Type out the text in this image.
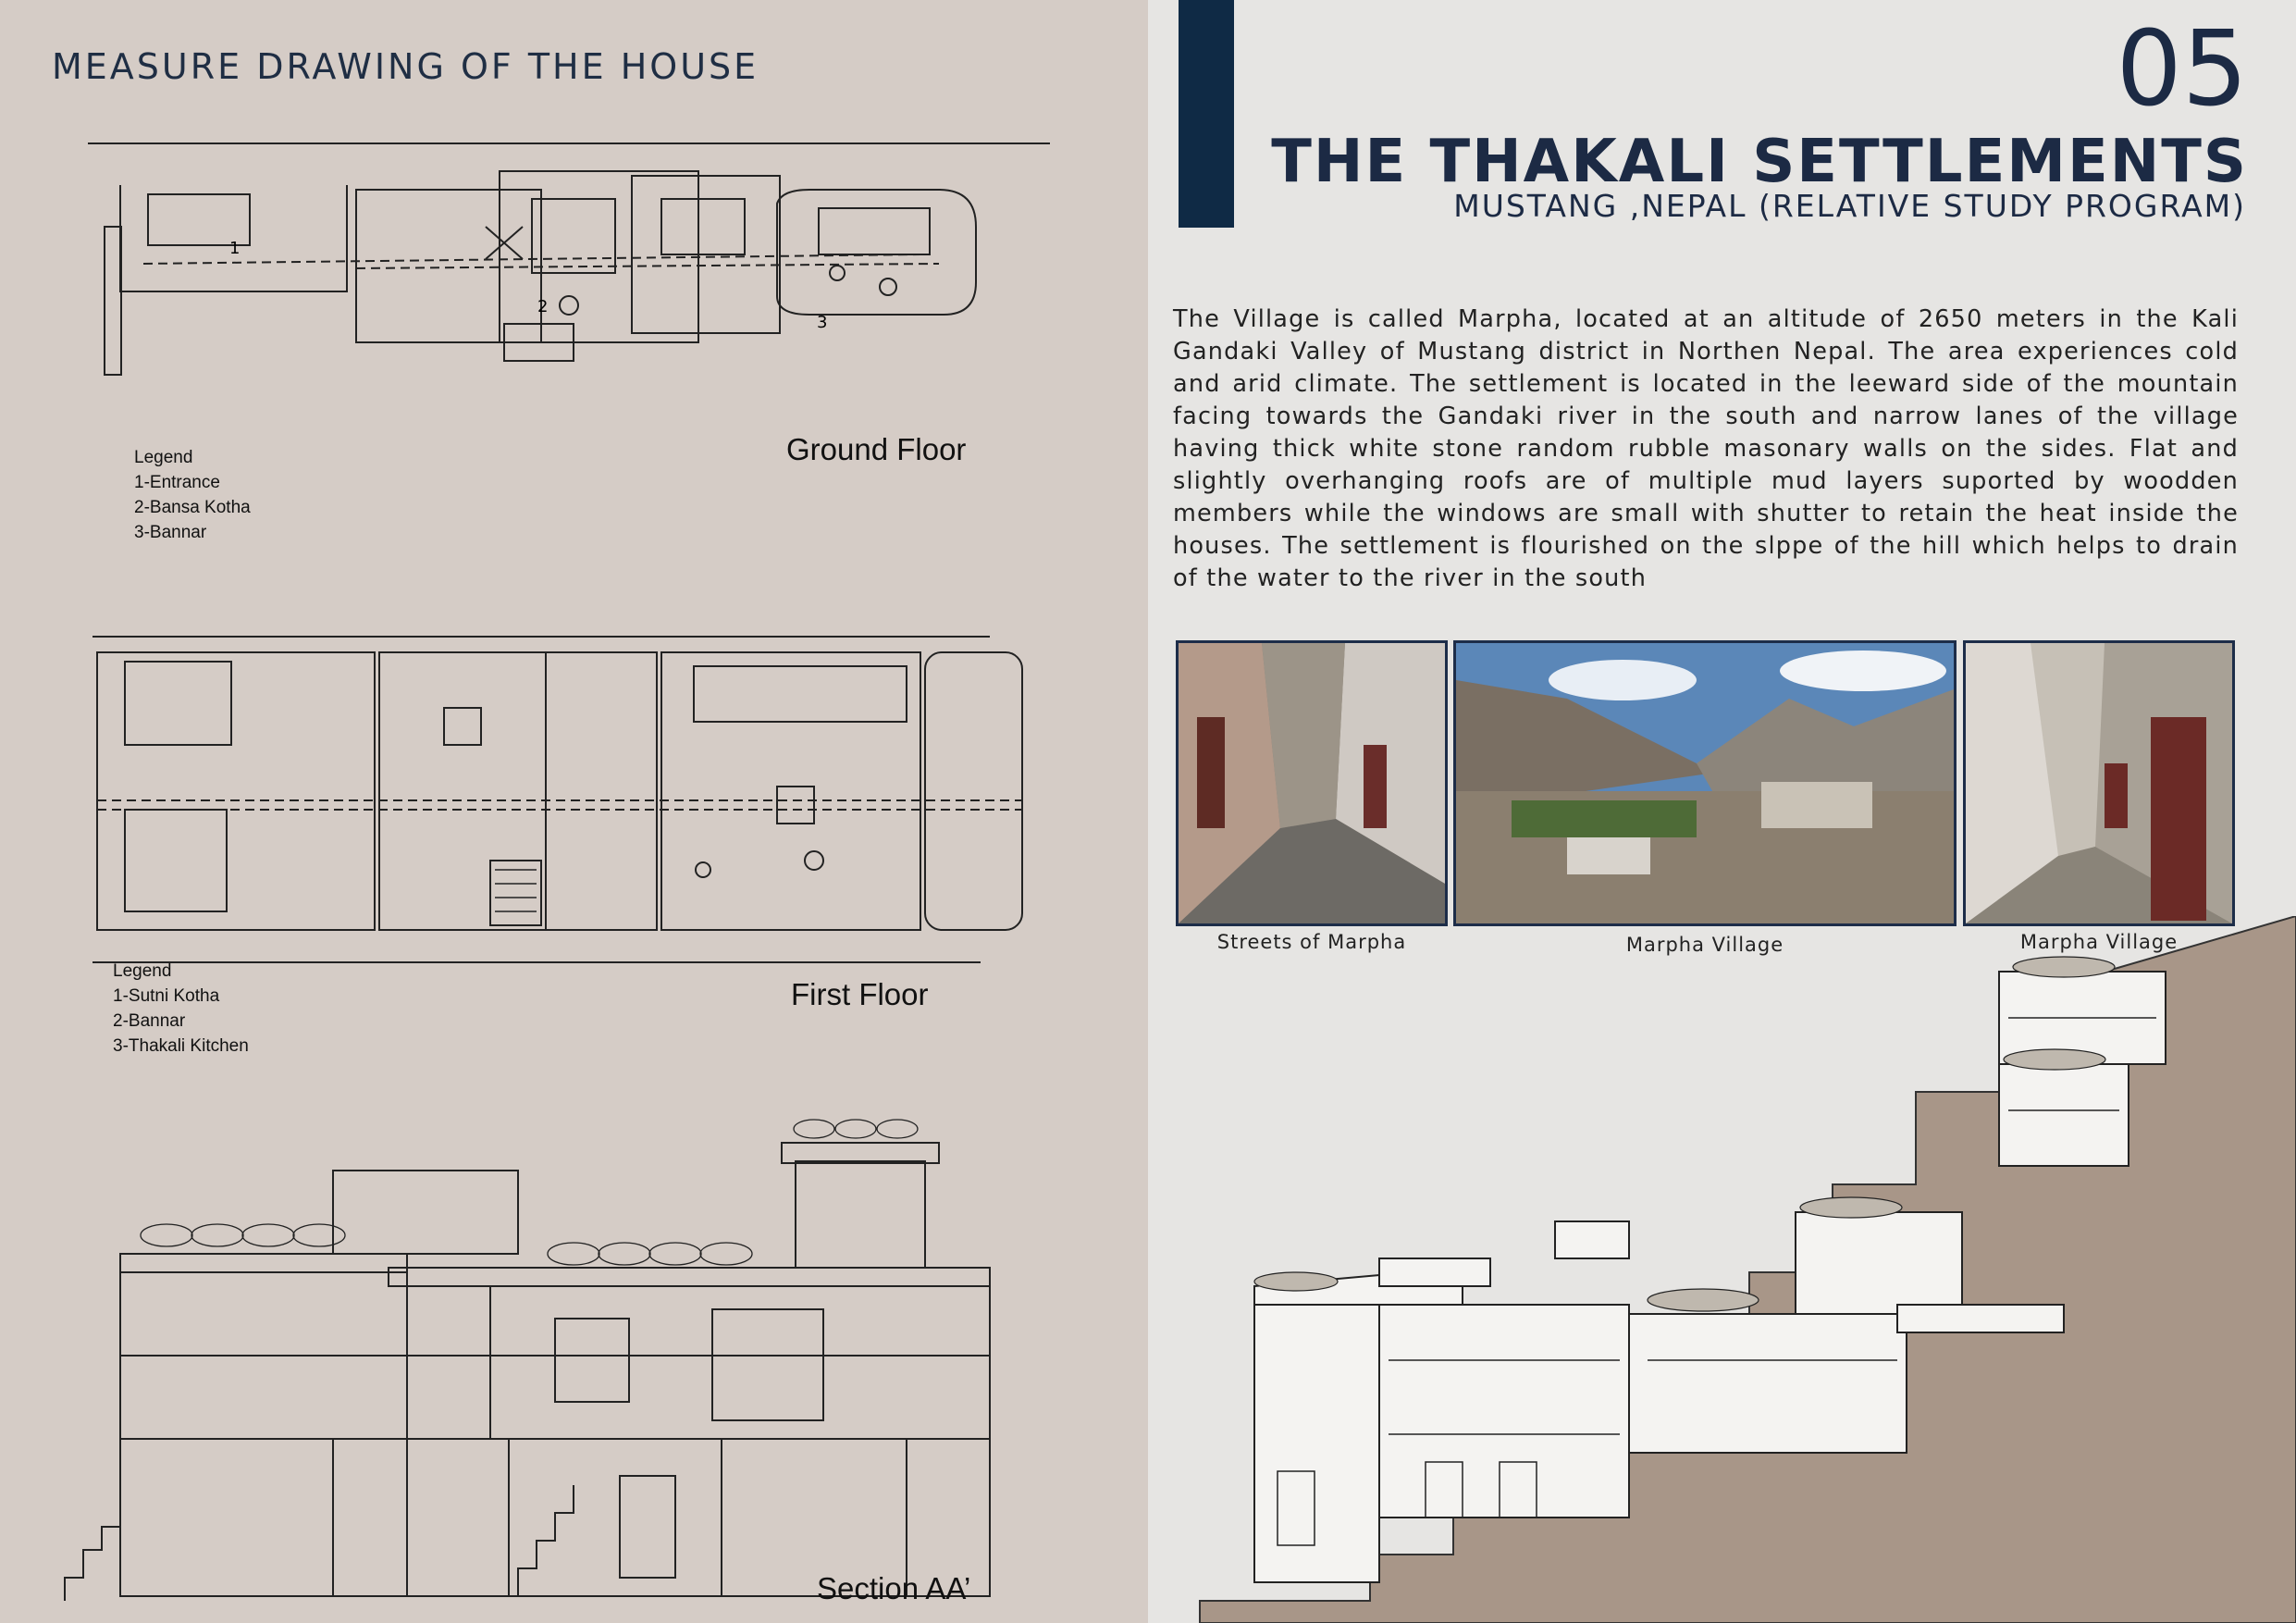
MEASURE DRAWING OF THE HOUSE
1
2
3
Legend
1-Entrance
2-Bansa Kotha
3-Bannar
Ground Floor
Legend
1-Sutni Kotha
2-Bannar
3-Thakali Kitchen
First Floor
Section AA’
05
THE THAKALI SETTLEMENTS
MUSTANG ,NEPAL (RELATIVE STUDY PROGRAM)
The Village is called Marpha, located at an altitude of 2650 meters in the Kali Gandaki Valley of Mustang district in Northen Nepal. The area experiences cold and arid climate. The settlement is located in the leeward side of the mountain facing towards the Gandaki river in the south and narrow lanes of the village having thick white stone random rubble masonary walls on the sides. Flat and slightly overhanging roofs are of multiple mud layers suported by woodden members while the windows are small with shutter to retain the heat inside the houses. The settlement is flourished on the slppe of the hill which helps to drain of the water to the river in the south
Streets of Marpha	Marpha Village	Marpha Village
